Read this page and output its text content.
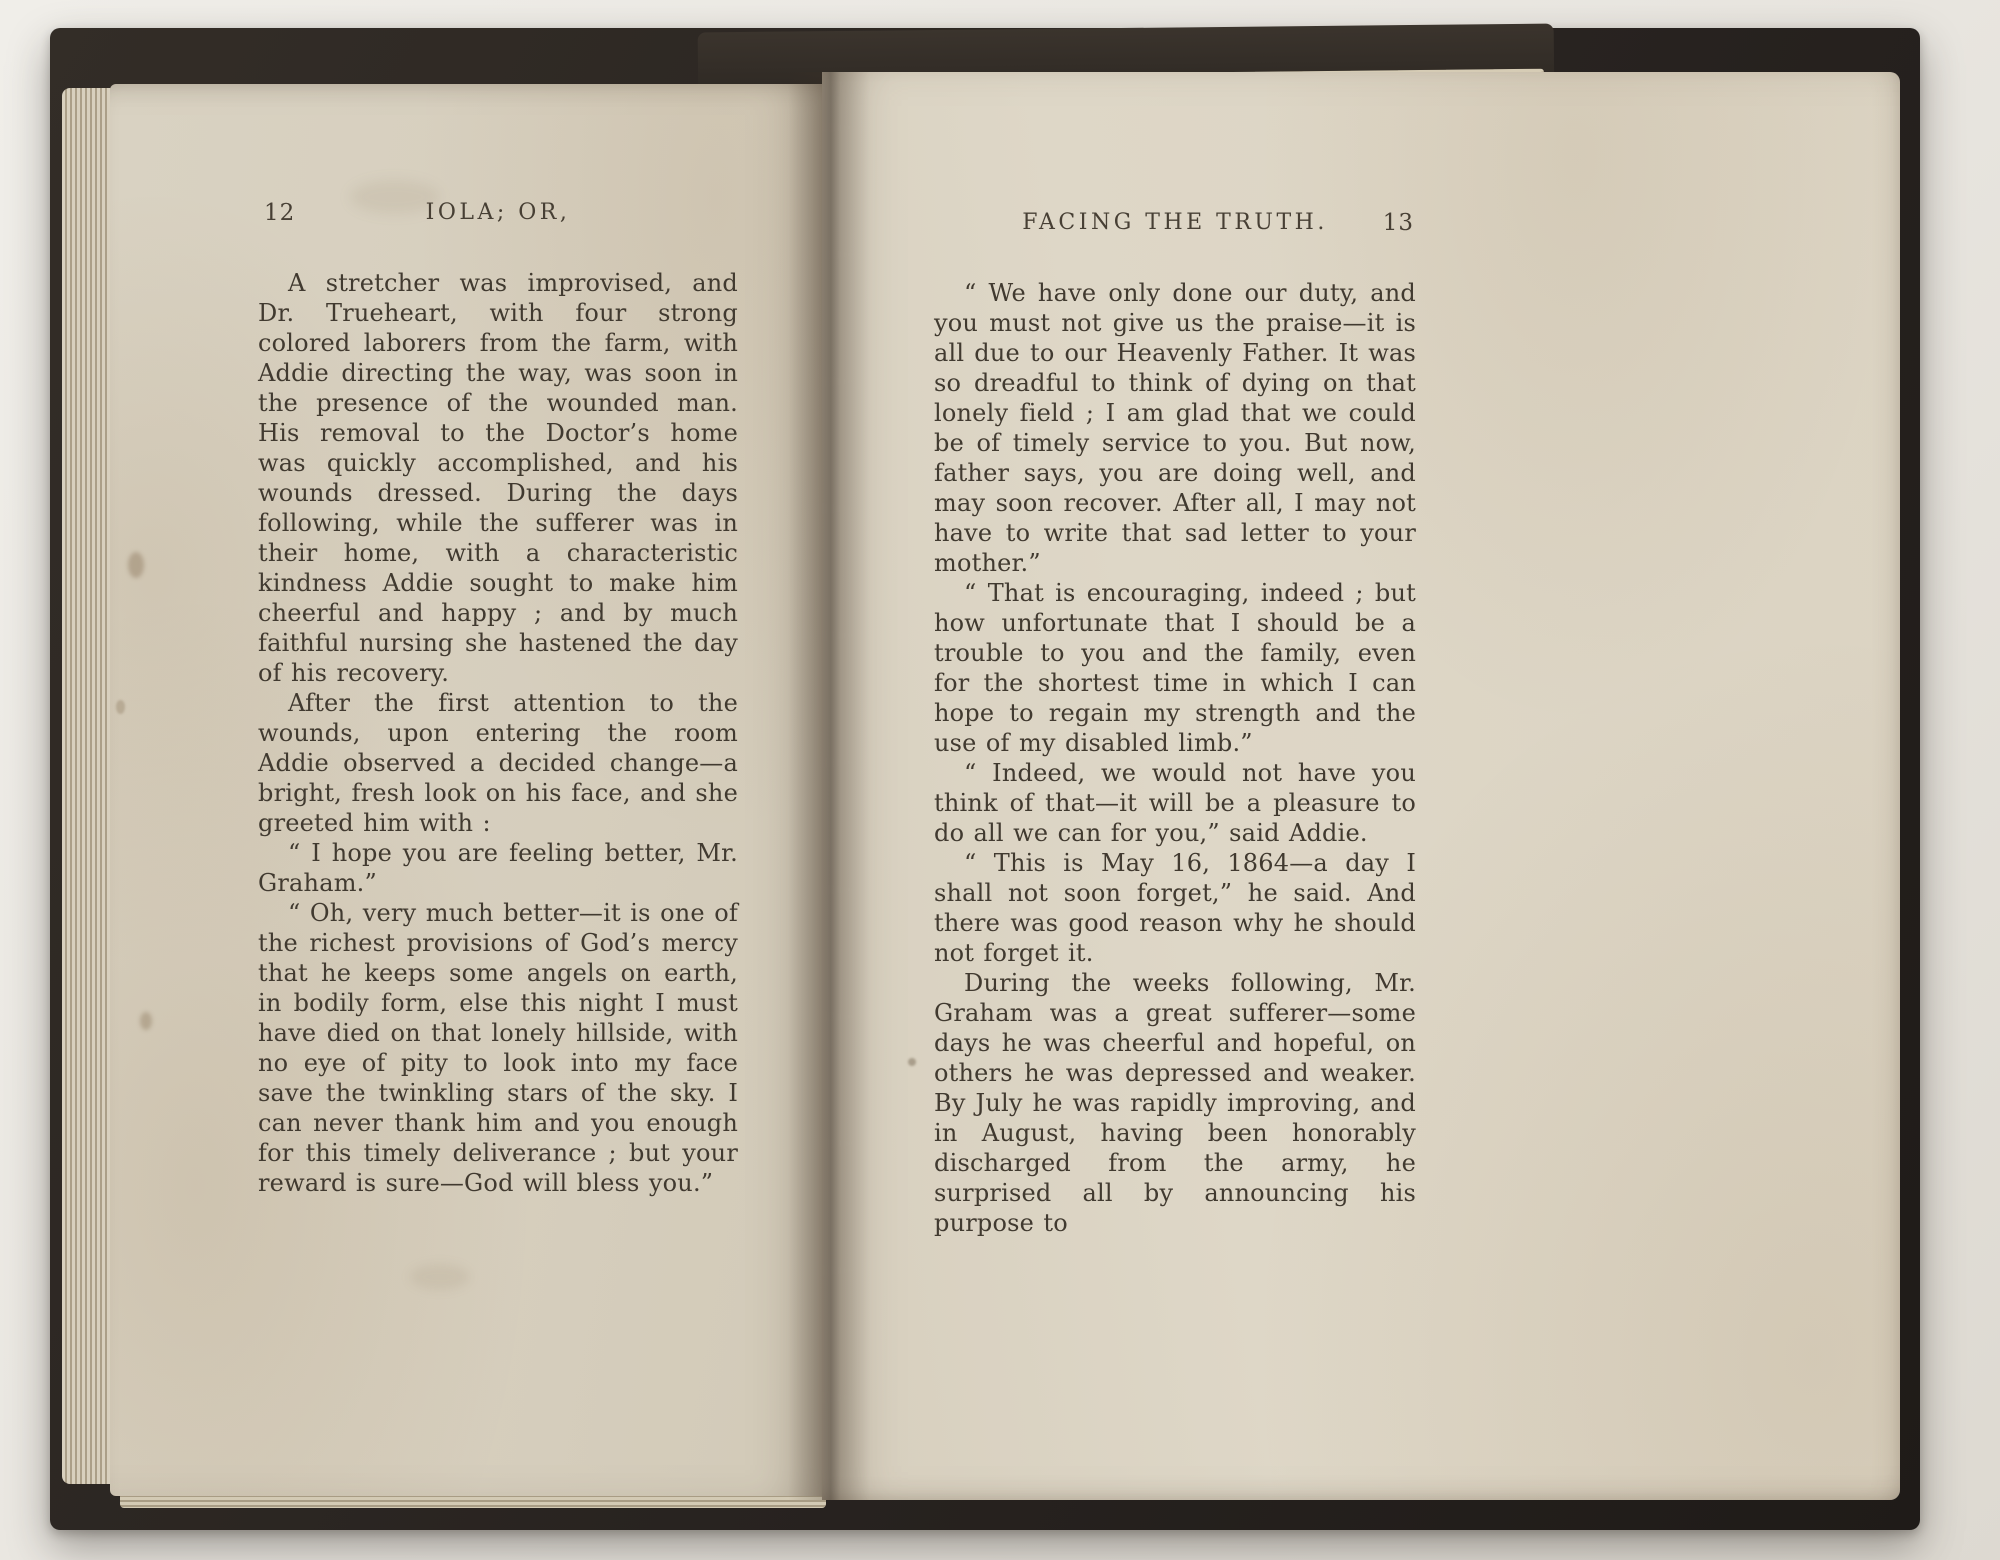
12	IOLA; OR,

A stretcher was improvised, and Dr. Trueheart, with four strong colored laborers from the farm, with Addie directing the way, was soon in the presence of the wounded man. His removal to the Doctor’s home was quickly accomplished, and his wounds dressed. During the days following, while the sufferer was in their home, with a characteristic kindness Addie sought to make him cheerful and happy ; and by much faithful nursing she hastened the day of his recovery.

After the first attention to the wounds, upon entering the room Addie observed a decided change—a bright, fresh look on his face, and she greeted him with :

“ I hope you are feeling better, Mr. Graham.”

“ Oh, very much better—it is one of the richest provisions of God’s mercy that he keeps some angels on earth, in bodily form, else this night I must have died on that lonely hillside, with no eye of pity to look into my face save the twinkling stars of the sky. I can never thank him and you enough for this timely deliverance ; but your reward is sure—God will bless you.”

FACING THE TRUTH.	13

“ We have only done our duty, and you must not give us the praise—it is all due to our Heavenly Father. It was so dreadful to think of dying on that lonely field ; I am glad that we could be of timely service to you. But now, father says, you are doing well, and may soon recover. After all, I may not have to write that sad letter to your mother.”

“ That is encouraging, indeed ; but how unfortunate that I should be a trouble to you and the family, even for the shortest time in which I can hope to regain my strength and the use of my disabled limb.”

“ Indeed, we would not have you think of that—it will be a pleasure to do all we can for you,” said Addie.

“ This is May 16, 1864—a day I shall not soon forget,” he said. And there was good reason why he should not forget it.

During the weeks following, Mr. Graham was a great sufferer—some days he was cheerful and hopeful, on others he was depressed and weaker. By July he was rapidly improving, and in August, having been honorably discharged from the army, he surprised all by announcing his purpose to
